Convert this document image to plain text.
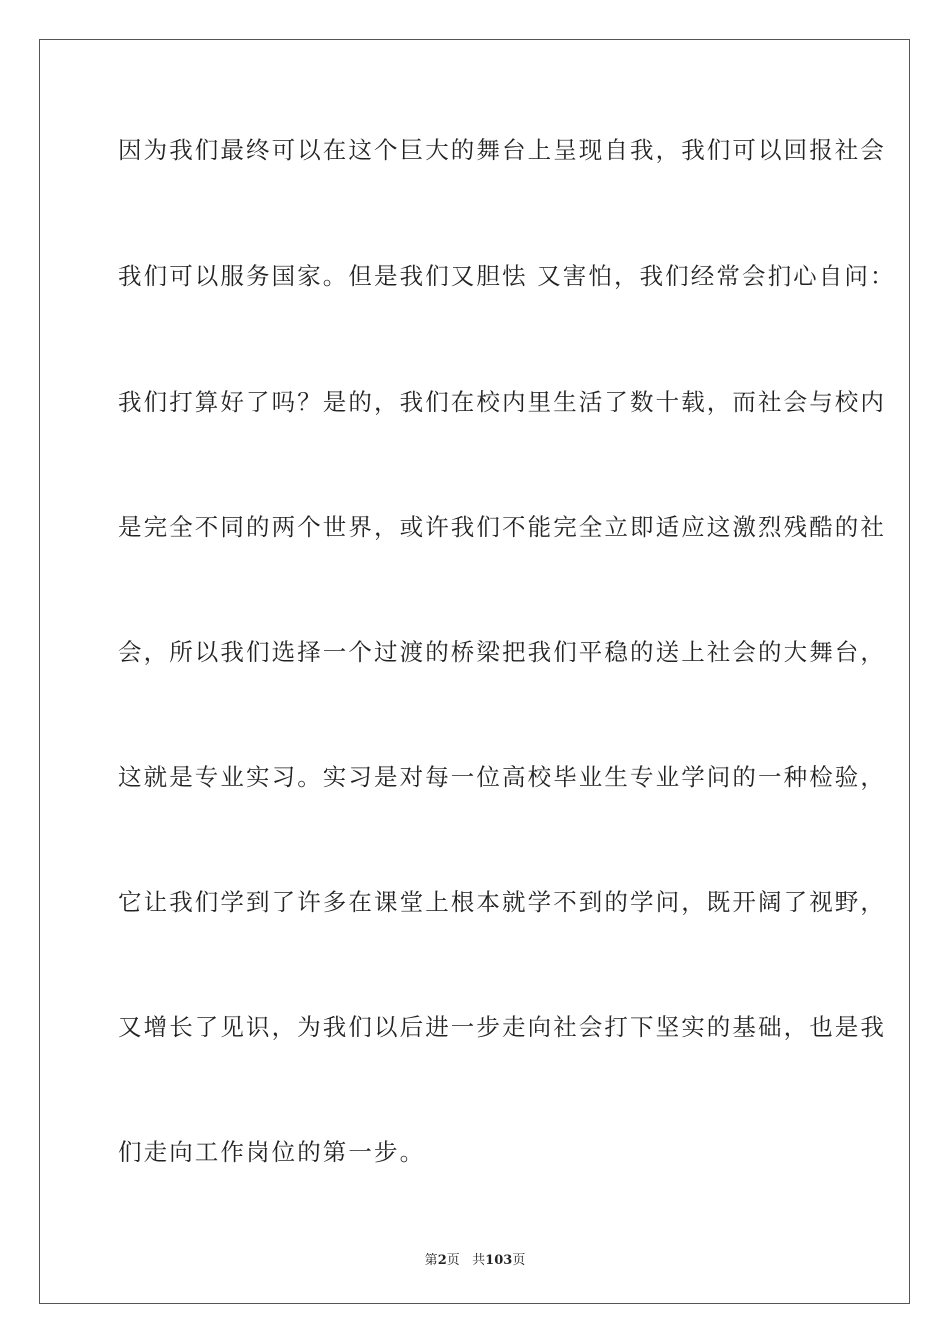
因为我们最终可以在这个巨大的舞台上呈现自我，我们可以回报社会
我们可以服务国家。但是我们又胆怯 又害怕，我们经常会扪心自问：
我们打算好了吗？是的，我们在校内里生活了数十载，而社会与校内
是完全不同的两个世界，或许我们不能完全立即适应这激烈残酷的社
会，所以我们选择一个过渡的桥梁把我们平稳的送上社会的大舞台，
这就是专业实习。实习是对每一位高校毕业生专业学问的一种检验，
它让我们学到了许多在课堂上根本就学不到的学问，既开阔了视野，
又增长了见识，为我们以后进一步走向社会打下坚实的基础，也是我
们走向工作岗位的第一步。
第2页 共103页
